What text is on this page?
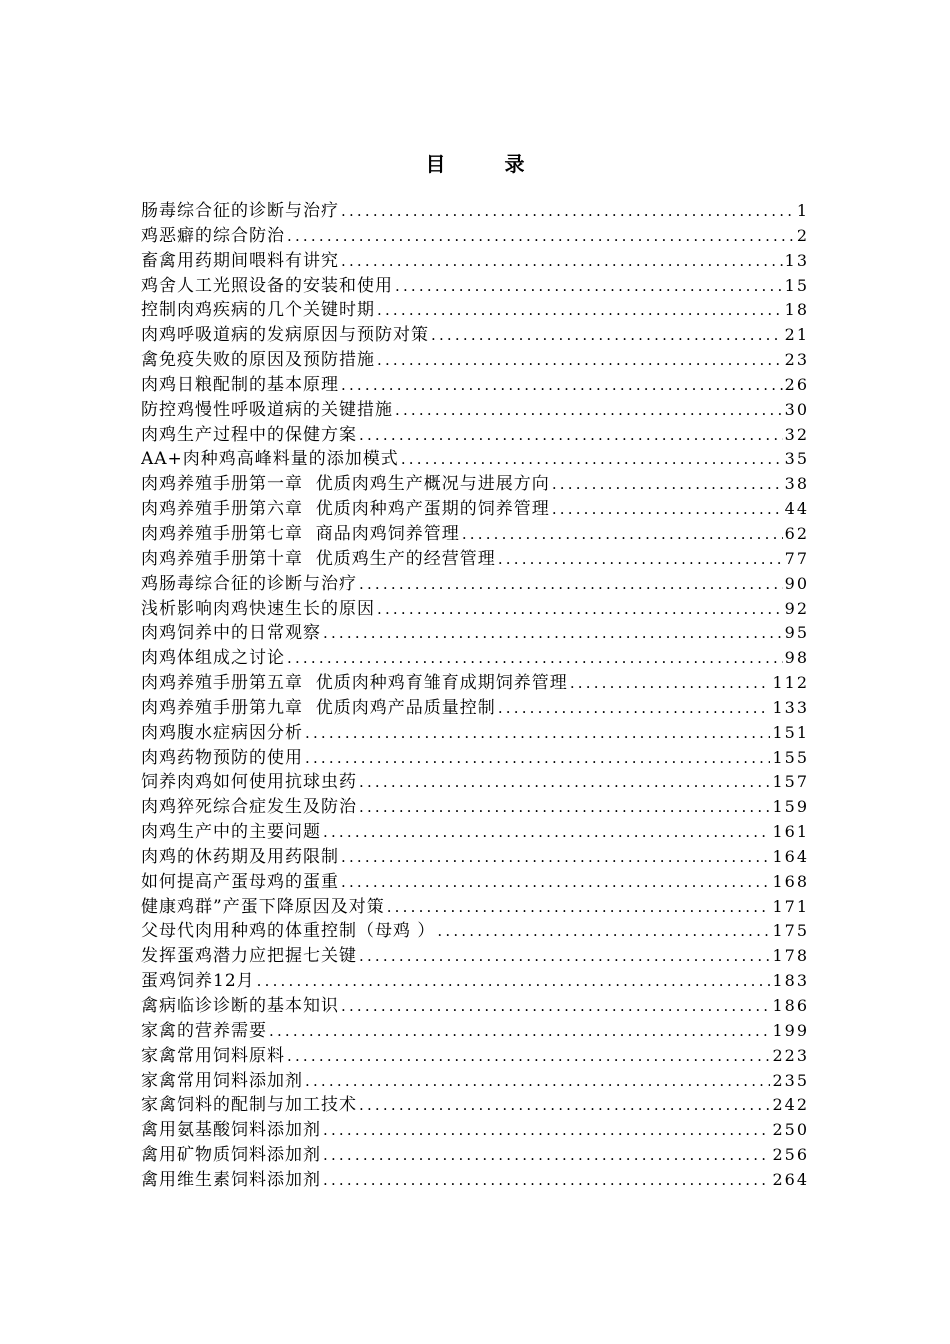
目 录
肠毒综合征的诊断与治疗 .....	1
鸡恶癖的综合防治 .....	2
畜禽用药期间喂料有讲究 .....	13
鸡舍人工光照设备的安装和使用 .....	15
控制肉鸡疾病的几个关键时期 .....	18
肉鸡呼吸道病的发病原因与预防对策 .....	21
禽免疫失败的原因及预防措施 .....	23
肉鸡日粮配制的基本原理 .....	26
防控鸡慢性呼吸道病的关键措施 .....	30
肉鸡生产过程中的保健方案 .....	32
AA+肉种鸡高峰料量的添加模式 .....	35
肉鸡养殖手册第一章  优质肉鸡生产概况与进展方向 .....	38
肉鸡养殖手册第六章  优质肉种鸡产蛋期的饲养管理 .....	44
肉鸡养殖手册第七章  商品肉鸡饲养管理 .....	62
肉鸡养殖手册第十章  优质鸡生产的经营管理 .....	77
鸡肠毒综合征的诊断与治疗 .....	90
浅析影响肉鸡快速生长的原因 .....	92
肉鸡饲养中的日常观察 .....	95
肉鸡体组成之讨论 .....	98
肉鸡养殖手册第五章  优质肉种鸡育雏育成期饲养管理 .....	112
肉鸡养殖手册第九章  优质肉鸡产品质量控制 .....	133
肉鸡腹水症病因分析 .....	151
肉鸡药物预防的使用 .....	155
饲养肉鸡如何使用抗球虫药 .....	157
肉鸡猝死综合症发生及防治 .....	159
肉鸡生产中的主要问题 .....	161
肉鸡的休药期及用药限制 .....	164
如何提高产蛋母鸡的蛋重 .....	168
健康鸡群”产蛋下降原因及对策 .....	171
父母代肉用种鸡的体重控制（母鸡 ） .....	175
发挥蛋鸡潜力应把握七关键 .....	178
蛋鸡饲养12月 .....	183
禽病临诊诊断的基本知识 .....	186
家禽的营养需要 .....	199
家禽常用饲料原料 .....	223
家禽常用饲料添加剂 .....	235
家禽饲料的配制与加工技术 .....	242
禽用氨基酸饲料添加剂 .....	250
禽用矿物质饲料添加剂 .....	256
禽用维生素饲料添加剂 .....	264
